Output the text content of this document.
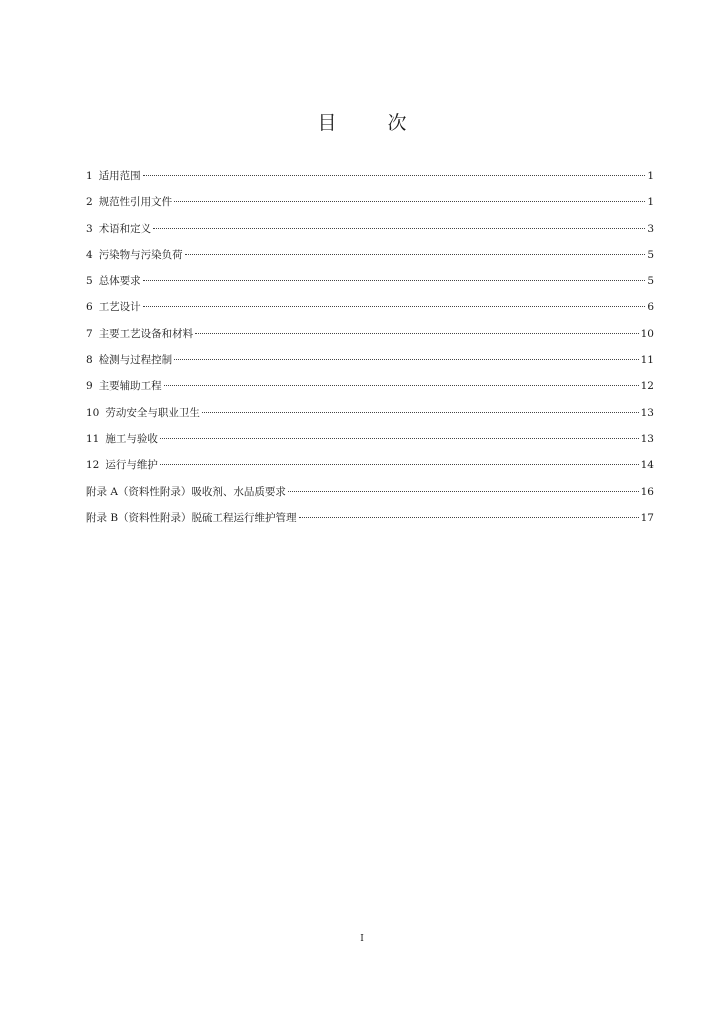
目　次
1 适用范围	1
2 规范性引用文件	1
3 术语和定义	3
4 污染物与污染负荷	5
5 总体要求	5
6 工艺设计	6
7 主要工艺设备和材料	10
8 检测与过程控制	11
9 主要辅助工程	12
10 劳动安全与职业卫生	13
11 施工与验收	13
12 运行与维护	14
附录 A（资料性附录）吸收剂、水品质要求	16
附录 B（资料性附录）脱硫工程运行维护管理	17
I
